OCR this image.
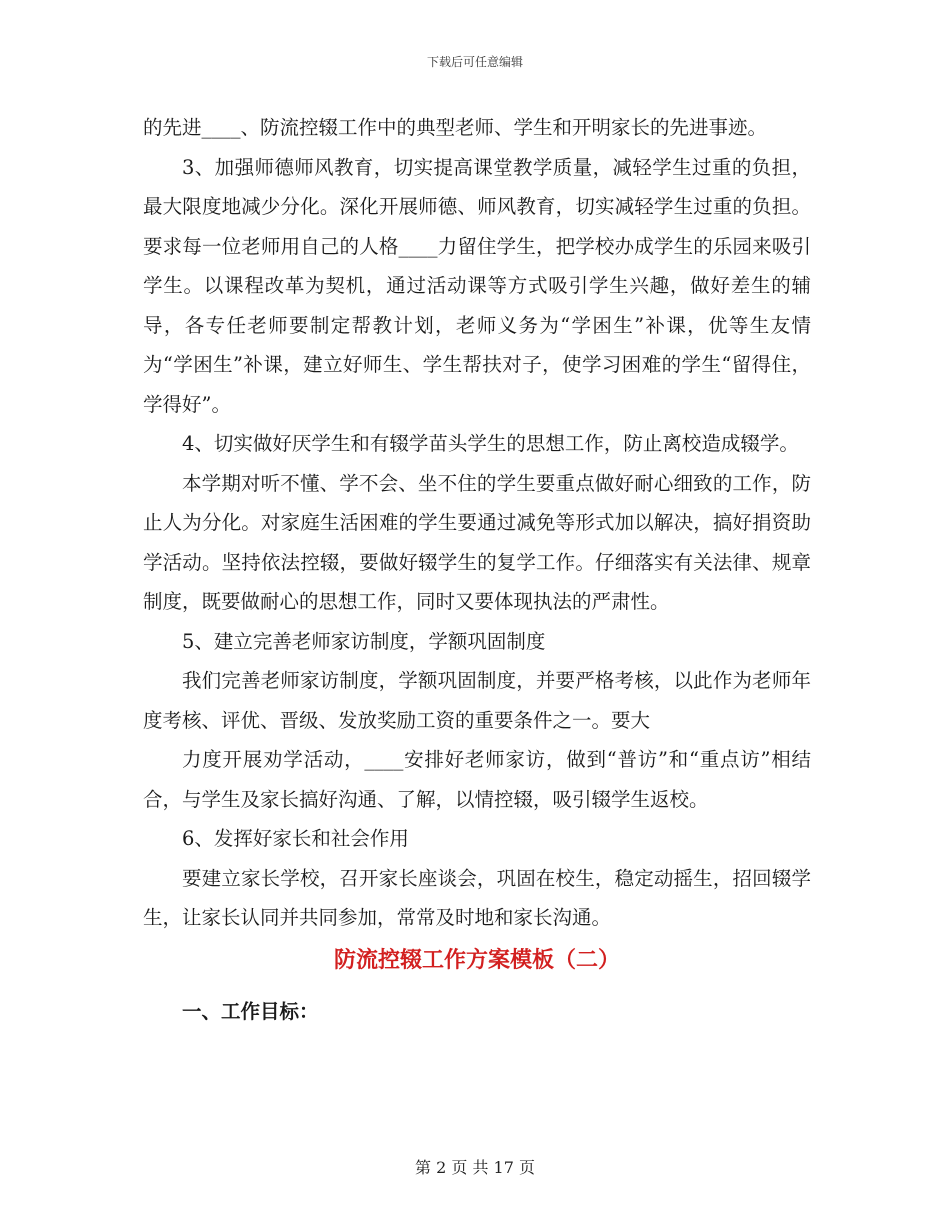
下载后可任意编辑

的先进____、防流控辍工作中的典型老师、学生和开明家长的先进事迹。

3、加强师德师风教育，切实提高课堂教学质量，减轻学生过重的负担，最大限度地减少分化。深化开展师德、师风教育，切实减轻学生过重的负担。要求每一位老师用自己的人格____力留住学生，把学校办成学生的乐园来吸引学生。以课程改革为契机，通过活动课等方式吸引学生兴趣，做好差生的辅导，各专任老师要制定帮教计划，老师义务为“学困生”补课，优等生友情为“学困生”补课，建立好师生、学生帮扶对子，使学习困难的学生“留得住，学得好”。

4、切实做好厌学生和有辍学苗头学生的思想工作，防止离校造成辍学。

本学期对听不懂、学不会、坐不住的学生要重点做好耐心细致的工作，防止人为分化。对家庭生活困难的学生要通过减免等形式加以解决，搞好捐资助学活动。坚持依法控辍，要做好辍学生的复学工作。仔细落实有关法律、规章制度，既要做耐心的思想工作，同时又要体现执法的严肃性。

5、建立完善老师家访制度，学额巩固制度

我们完善老师家访制度，学额巩固制度，并要严格考核，以此作为老师年度考核、评优、晋级、发放奖励工资的重要条件之一。要大

力度开展劝学活动，____安排好老师家访，做到“普访”和“重点访”相结合，与学生及家长搞好沟通、了解，以情控辍，吸引辍学生返校。

6、发挥好家长和社会作用

要建立家长学校，召开家长座谈会，巩固在校生，稳定动摇生，招回辍学生，让家长认同并共同参加，常常及时地和家长沟通。

防流控辍工作方案模板（二）

一、工作目标：

第 2 页 共 17 页
